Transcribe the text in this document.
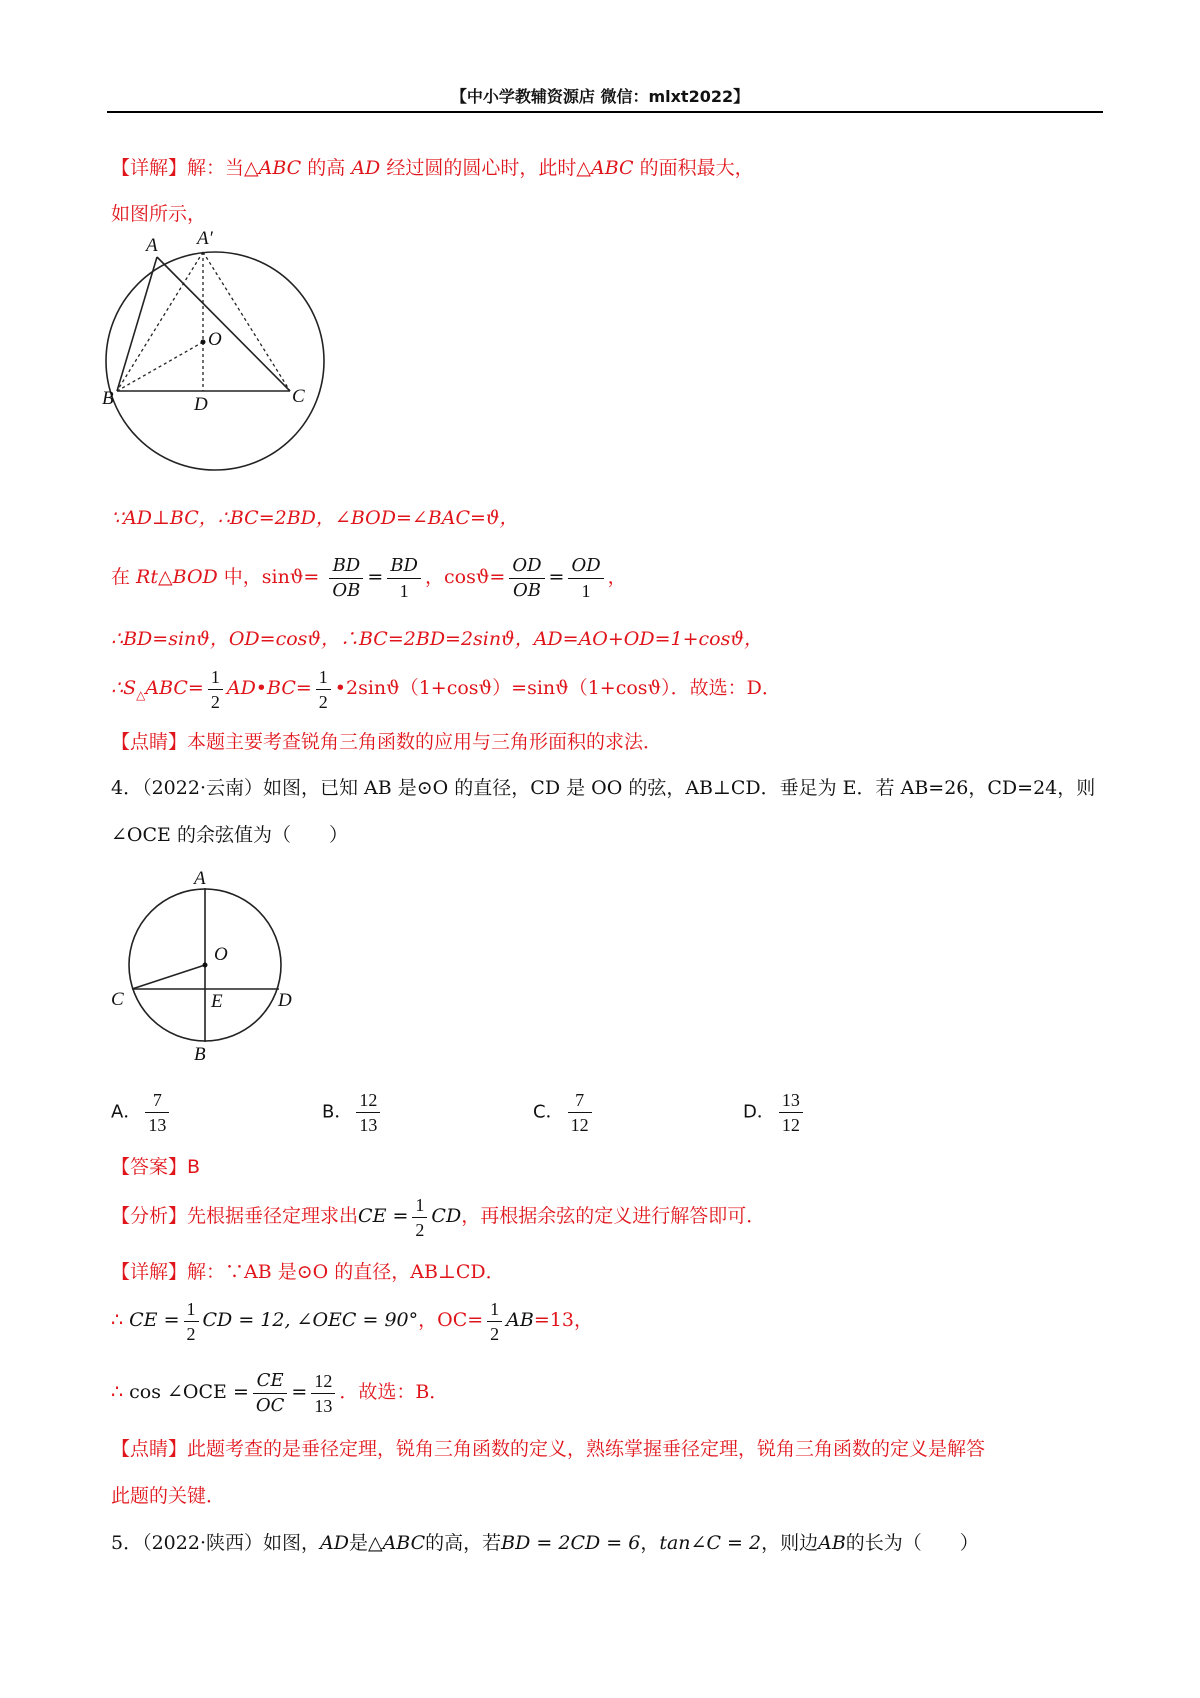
【中小学教辅资源店 微信：mlxt2022】
【详解】解：当△ABC 的高 AD 经过圆的圆心时，此时△ABC 的面积最大，
如图所示，
A A′
O
B	D	C
∵AD⊥BC，∴BC=2BD，∠BOD=∠BAC=ϑ，
在 Rt△BOD 中，$\sin ϑ= \frac{BD}{OB} = \frac{BD}{1}$ ，$\cos ϑ= \frac{OD}{OB} = \frac{OD}{1}$ ，
∴BD=sinϑ，OD=cosϑ，∴BC=2BD=2sinϑ，AD=AO+OD=1+cosϑ，
$\therefore S_\triangle ABC= \frac{1}{2}$ AD•BC= $\frac{1}{2}$ •2sinϑ（1+cosϑ）=sinϑ（1+cosϑ）．故选：D．
【点睛】本题主要考查锐角三角函数的应用与三角形面积的求法．
4．（2022·云南）如图，已知 AB 是⊙O 的直径，CD 是 OO 的弦，AB⊥CD．垂足为 E．若 AB=26，CD=24，则
∠OCE 的余弦值为（　　）
A
O
C	E	D
B
A． $\frac{7}{13}$	B． $\frac{12}{13}$	C． $\frac{7}{12}$	D． $\frac{13}{12}$
【答案】B
【分析】先根据垂径定理求出CE = $\frac{1}{2}$ CD，再根据余弦的定义进行解答即可．
【详解】解：∵AB 是⊙O 的直径，AB⊥CD．
∴ CE = $\frac{1}{2}$ CD = 12, ∠OEC = 90°，$OC= \frac{1}{2} AB=13$，
∴ cos ∠OCE = $\frac{CE}{OC} = \frac{12}{13}$ ．故选：B．
【点睛】此题考查的是垂径定理，锐角三角函数的定义，熟练掌握垂径定理，锐角三角函数的定义是解答
此题的关键．
5．（2022·陕西）如图，AD是△ABC的高，若BD = 2CD = 6，tan∠C = 2，则边AB的长为（　　）
